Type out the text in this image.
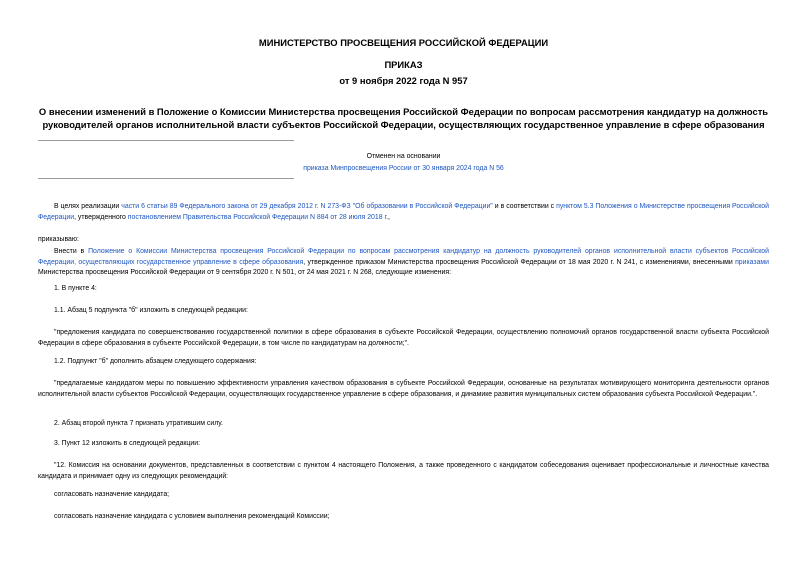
МИНИСТЕРСТВО ПРОСВЕЩЕНИЯ РОССИЙСКОЙ ФЕДЕРАЦИИ
ПРИКАЗ
от 9 ноября 2022 года N 957
О внесении изменений в Положение о Комиссии Министерства просвещения Российской Федерации по вопросам рассмотрения кандидатур на должность руководителей органов исполнительной власти субъектов Российской Федерации, осуществляющих государственное управление в сфере образования
Отменен на основании
приказа Минпросвещения России от 30 января 2024 года N 56
В целях реализации части 6 статьи 89 Федерального закона от 29 декабря 2012 г. N 273-ФЗ "Об образовании в Российской Федерации" и в соответствии с пунктом 5.3 Положения о Министерстве просвещения Российской Федерации, утвержденного постановлением Правительства Российской Федерации N 884 от 28 июля 2018 г.,
приказываю:
Внести в Положение о Комиссии Министерства просвещения Российской Федерации по вопросам рассмотрения кандидатур на должность руководителей органов исполнительной власти субъектов Российской Федерации, осуществляющих государственное управление в сфере образования, утвержденное приказом Министерства просвещения Российской Федерации от 18 мая 2020 г. N 241, с изменениями, внесенными приказами Министерства просвещения Российской Федерации от 9 сентября 2020 г. N 501, от 24 мая 2021 г. N 268, следующие изменения:
1. В пункте 4:
1.1. Абзац 5 подпункта "б" изложить в следующей редакции:
"предложения кандидата по совершенствованию государственной политики в сфере образования в субъекте Российской Федерации, осуществлению полномочий органов государственной власти субъекта Российской Федерации в сфере образования в субъекте Российской Федерации, в том числе по кандидатурам на должности;".
1.2. Подпункт "б" дополнить абзацем следующего содержания:
"предлагаемые кандидатом меры по повышению эффективности управления качеством образования в субъекте Российской Федерации, основанные на результатах мотивирующего мониторинга деятельности органов исполнительной власти субъектов Российской Федерации, осуществляющих государственное управление в сфере образования, и динамике развития муниципальных систем образования субъекта Российской Федерации.".
2. Абзац второй пункта 7 признать утратившим силу.
3. Пункт 12 изложить в следующей редакции:
"12. Комиссия на основании документов, представленных в соответствии с пунктом 4 настоящего Положения, а также проведенного с кандидатом собеседования оценивает профессиональные и личностные качества кандидата и принимает одну из следующих рекомендаций:
согласовать назначение кандидата;
согласовать назначение кандидата с условием выполнения рекомендаций Комиссии;
